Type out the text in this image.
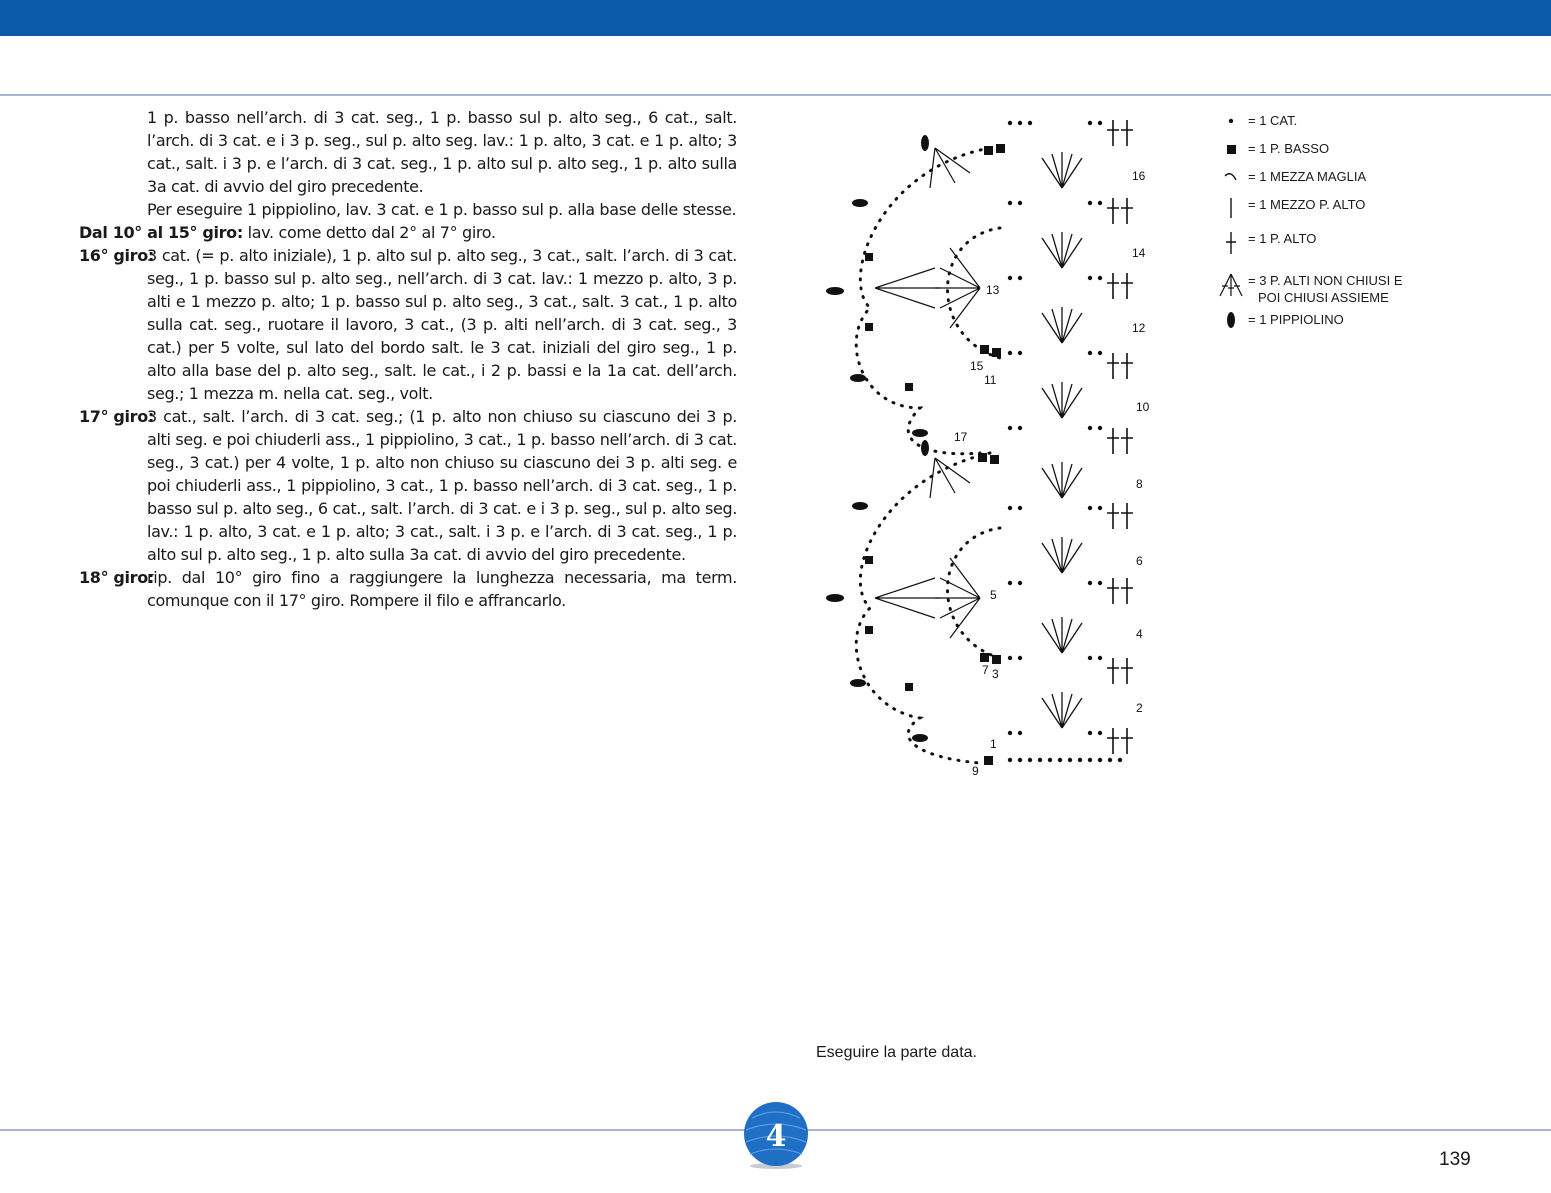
1 p. basso nell’arch. di 3 cat. seg., 1 p. basso sul p. alto seg., 6 cat., salt. l’arch. di 3 cat. e i 3 p. seg., sul p. alto seg. lav.: 1 p. alto, 3 cat. e 1 p. alto; 3 cat., salt. i 3 p. e l’arch. di 3 cat. seg., 1 p. alto sul p. alto seg., 1 p. alto sulla 3a cat. di avvio del giro precedente.

Per eseguire 1 pippiolino, lav. 3 cat. e 1 p. basso sul p. alla base delle stesse.

Dal 10° al 15° giro: lav. come detto dal 2° al 7° giro.

16° giro:
3 cat. (= p. alto iniziale), 1 p. alto sul p. alto seg., 3 cat., salt. l’arch. di 3 cat. seg., 1 p. basso sul p. alto seg., nell’arch. di 3 cat. lav.: 1 mezzo p. alto, 3 p. alti e 1 mezzo p. alto; 1 p. basso sul p. alto seg., 3 cat., salt. 3 cat., 1 p. alto sulla cat. seg., ruotare il lavoro, 3 cat., (3 p. alti nell’arch. di 3 cat. seg., 3 cat.) per 5 volte, sul lato del bordo salt. le 3 cat. iniziali del giro seg., 1 p. alto alla base del p. alto seg., salt. le cat., i 2 p. bassi e la 1a cat. dell’arch. seg.; 1 mezza m. nella cat. seg., volt.
17° giro:
3 cat., salt. l’arch. di 3 cat. seg.; (1 p. alto non chiuso su ciascuno dei 3 p. alti seg. e poi chiuderli ass., 1 pippiolino, 3 cat., 1 p. basso nell’arch. di 3 cat. seg., 3 cat.) per 4 volte, 1 p. alto non chiuso su ciascuno dei 3 p. alti seg. e poi chiuderli ass., 1 pippiolino, 3 cat., 1 p. basso nell’arch. di 3 cat. seg., 1 p. basso sul p. alto seg., 6 cat., salt. l’arch. di 3 cat. e i 3 p. seg., sul p. alto seg. lav.: 1 p. alto, 3 cat. e 1 p. alto; 3 cat., salt. i 3 p. e l’arch. di 3 cat. seg., 1 p. alto sul p. alto seg., 1 p. alto sulla 3a cat. di avvio del giro precedente.
18° giro:
rip. dal 10° giro fino a raggiungere la lunghezza necessaria, ma term. comunque con il 17° giro. Rompere il filo e affrancarlo.
16
14
12
10
8
6
4
2
13
15
11
17
5
3
1
9
7
= 1 CAT.
= 1 P. BASSO
= 1 MEZZA MAGLIA
= 1 MEZZO P. ALTO
= 1 P. ALTO
= 3 P. ALTI NON CHIUSI E
POI CHIUSI ASSIEME
= 1 PIPPIOLINO
Eseguire la parte data.
4
139
